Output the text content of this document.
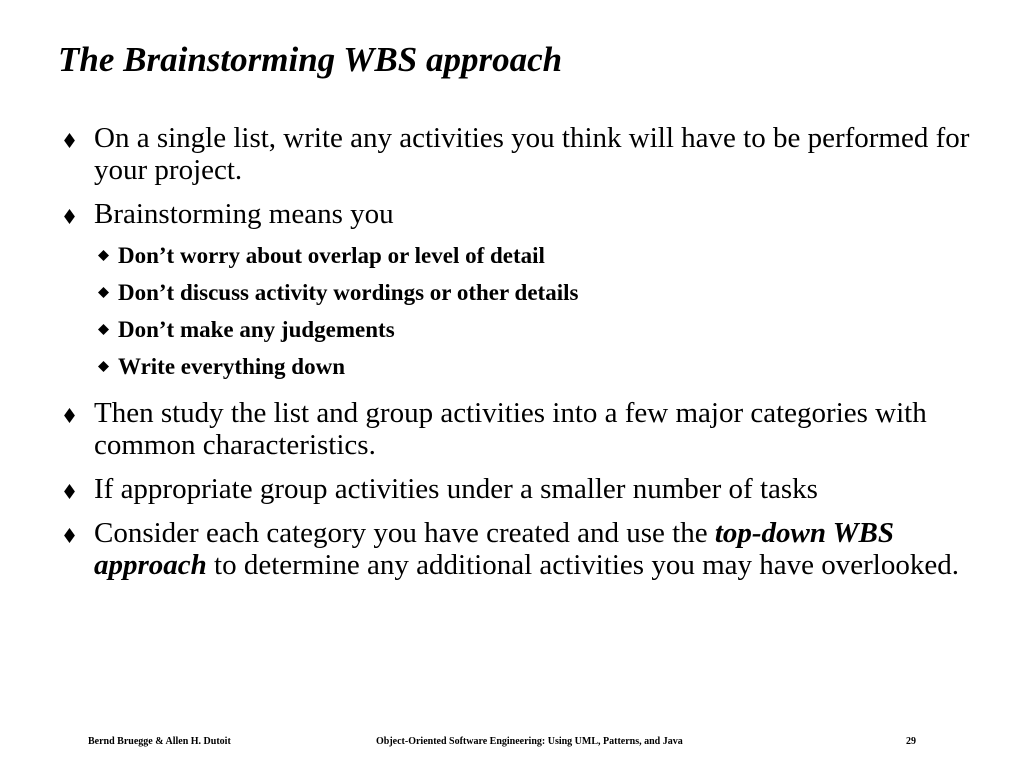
The Brainstorming WBS approach
On a single list, write any activities you think will have to be performed for your project.
Brainstorming means you
Don’t worry about overlap or level of detail
Don’t discuss activity wordings or other details
Don’t make any judgements
Write everything down
Then study the list and group activities into a few major categories with common characteristics.
If appropriate group activities under a smaller number of tasks
Consider each category you have created and use the top-down WBS approach to determine any additional activities you may have overlooked.
Bernd Bruegge & Allen H. Dutoit	Object-Oriented Software Engineering: Using UML, Patterns, and Java	29
